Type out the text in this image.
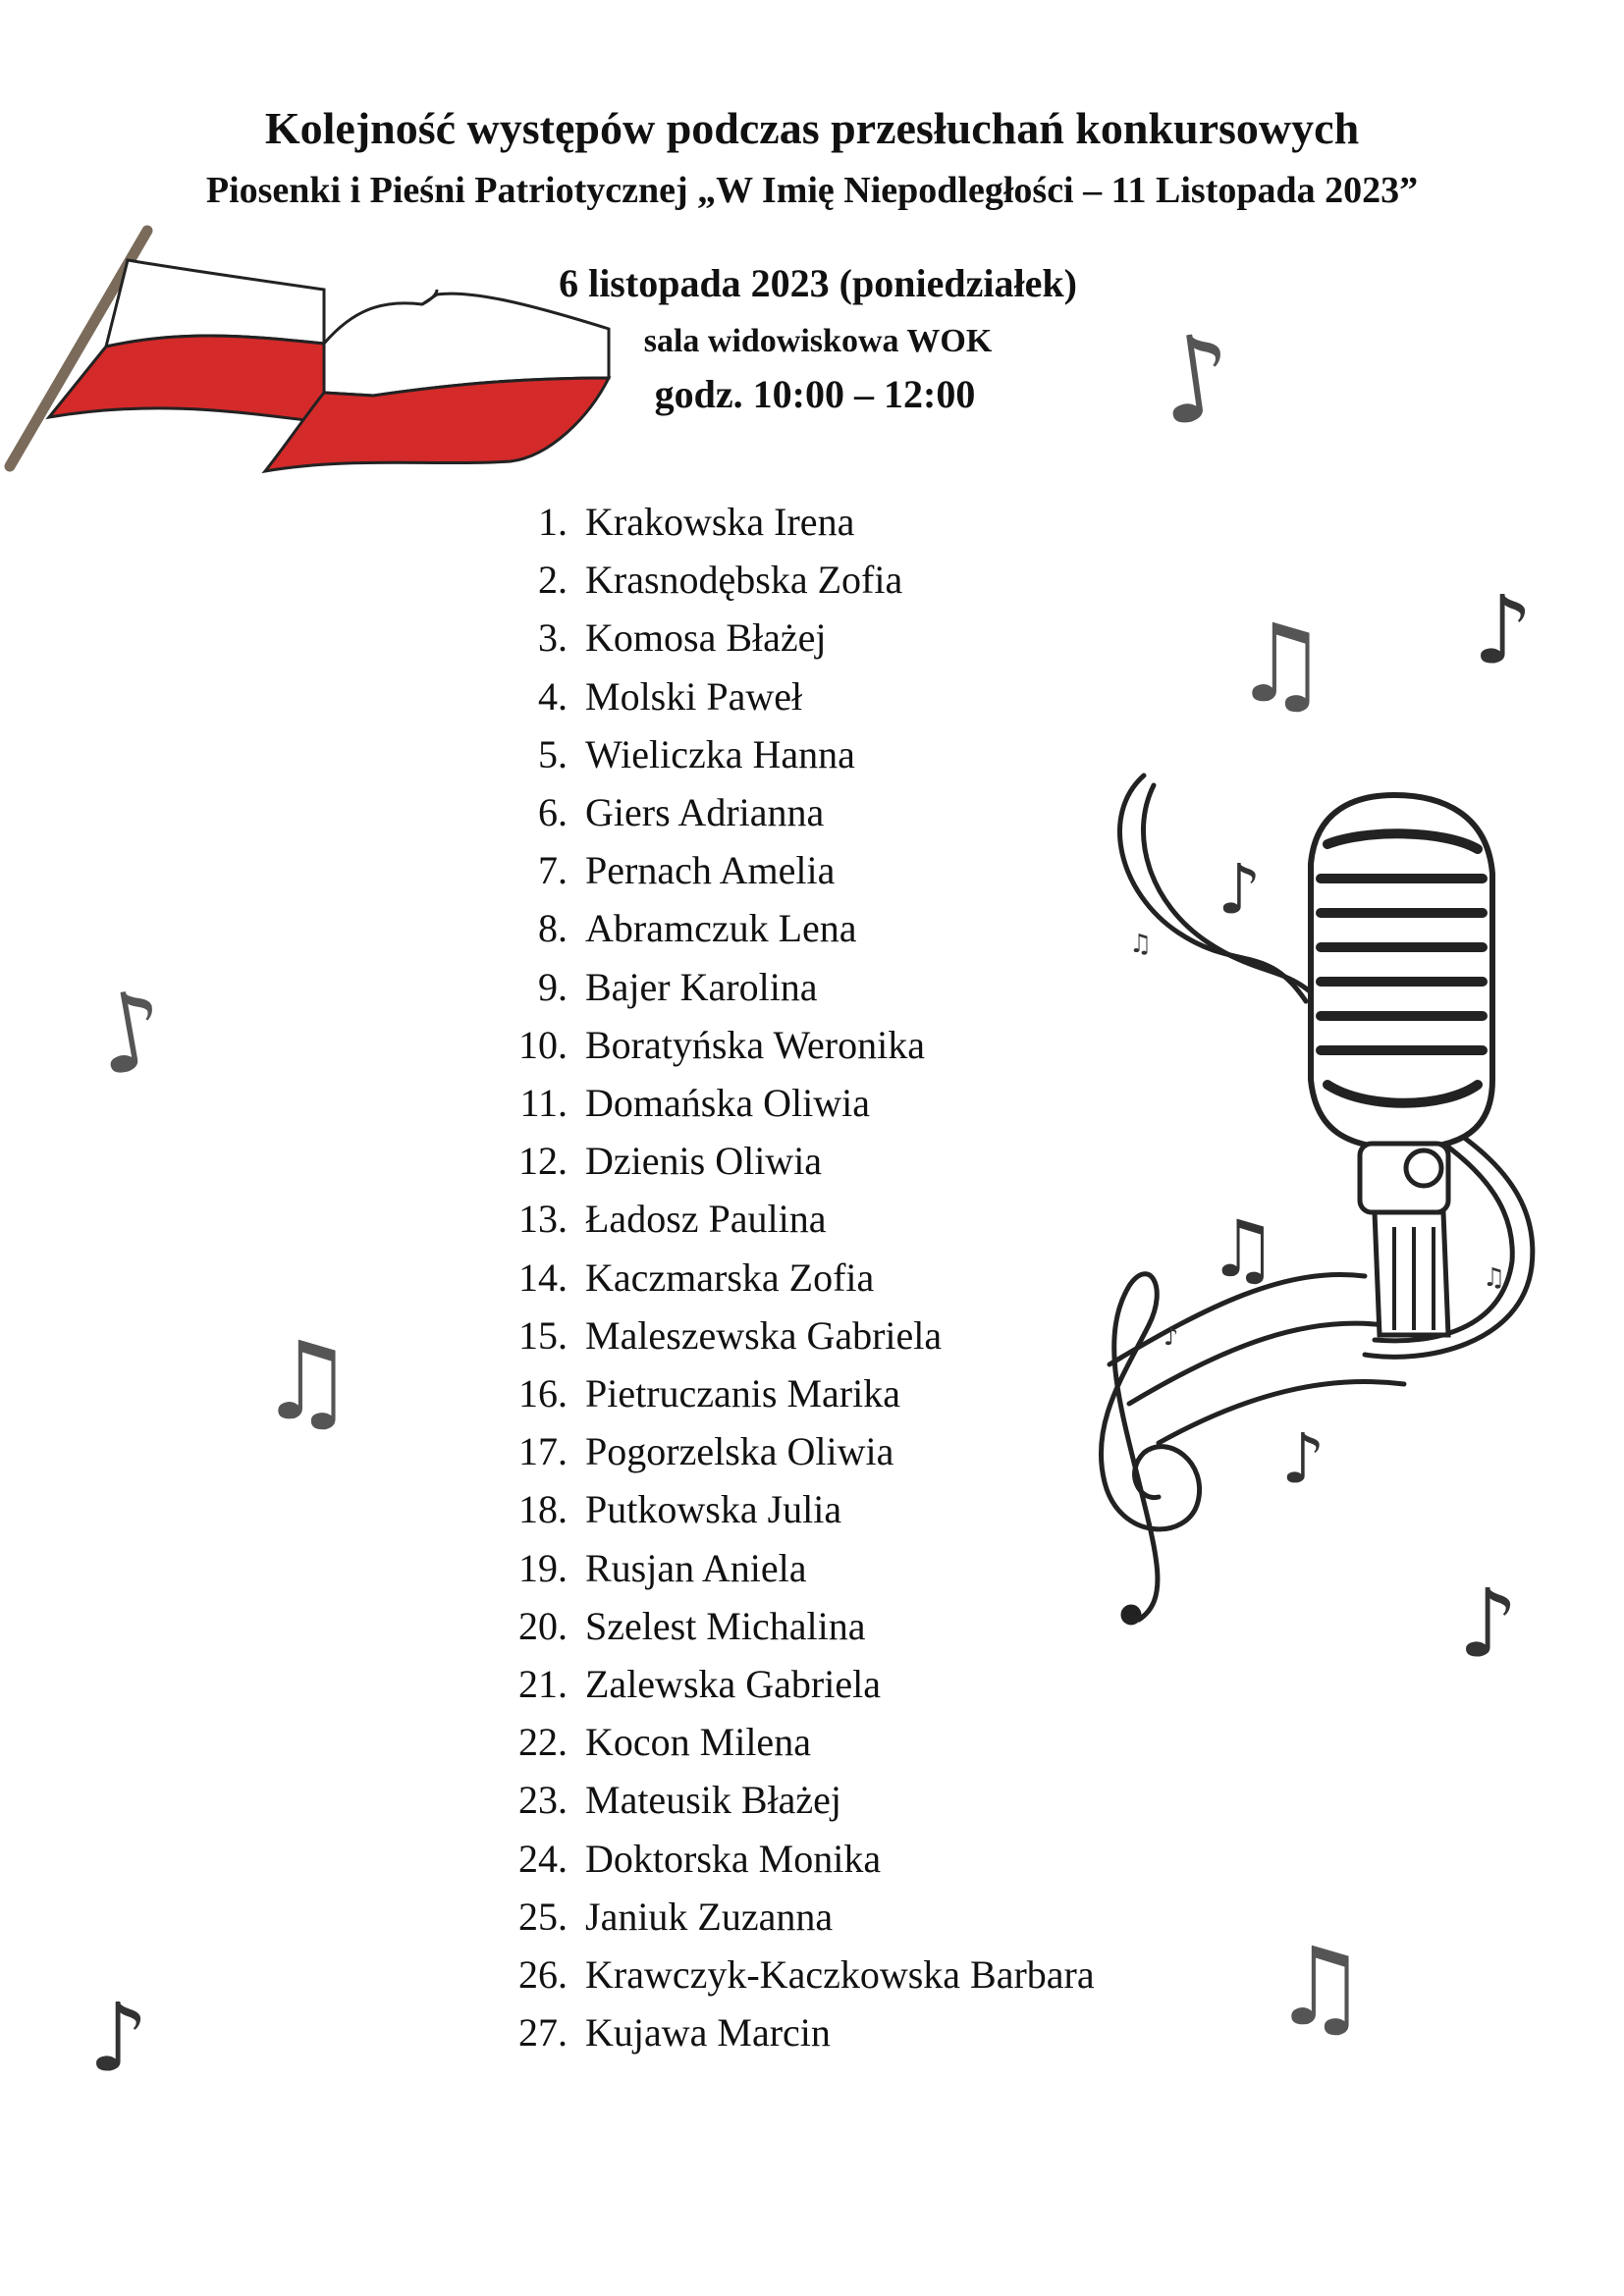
Kolejność występów podczas przesłuchań konkursowych
Piosenki i Pieśni Patriotycznej „W Imię Niepodległości – 11 Listopada 2023”

6 listopada 2023 (poniedziałek)

sala widowiskowa WOK

godz. 10:00 – 12:00

♪
♫
♪
♫
♫
♪
♪
♫ ♪
♪
♫
♪
♫
♪
1. Krakowska Irena
2. Krasnodębska Zofia
3. Komosa Błażej
4. Molski Paweł
5. Wieliczka Hanna
6. Giers Adrianna
7. Pernach Amelia
8. Abramczuk Lena
9. Bajer Karolina
10. Boratyńska Weronika
11. Domańska Oliwia
12. Dzienis Oliwia
13. Ładosz Paulina
14. Kaczmarska Zofia
15. Maleszewska Gabriela
16. Pietruczanis Marika
17. Pogorzelska Oliwia
18. Putkowska Julia
19. Rusjan Aniela
20. Szelest Michalina
21. Zalewska Gabriela
22. Kocon Milena
23. Mateusik Błażej
24. Doktorska Monika
25. Janiuk Zuzanna
26. Krawczyk-Kaczkowska Barbara
27. Kujawa Marcin
